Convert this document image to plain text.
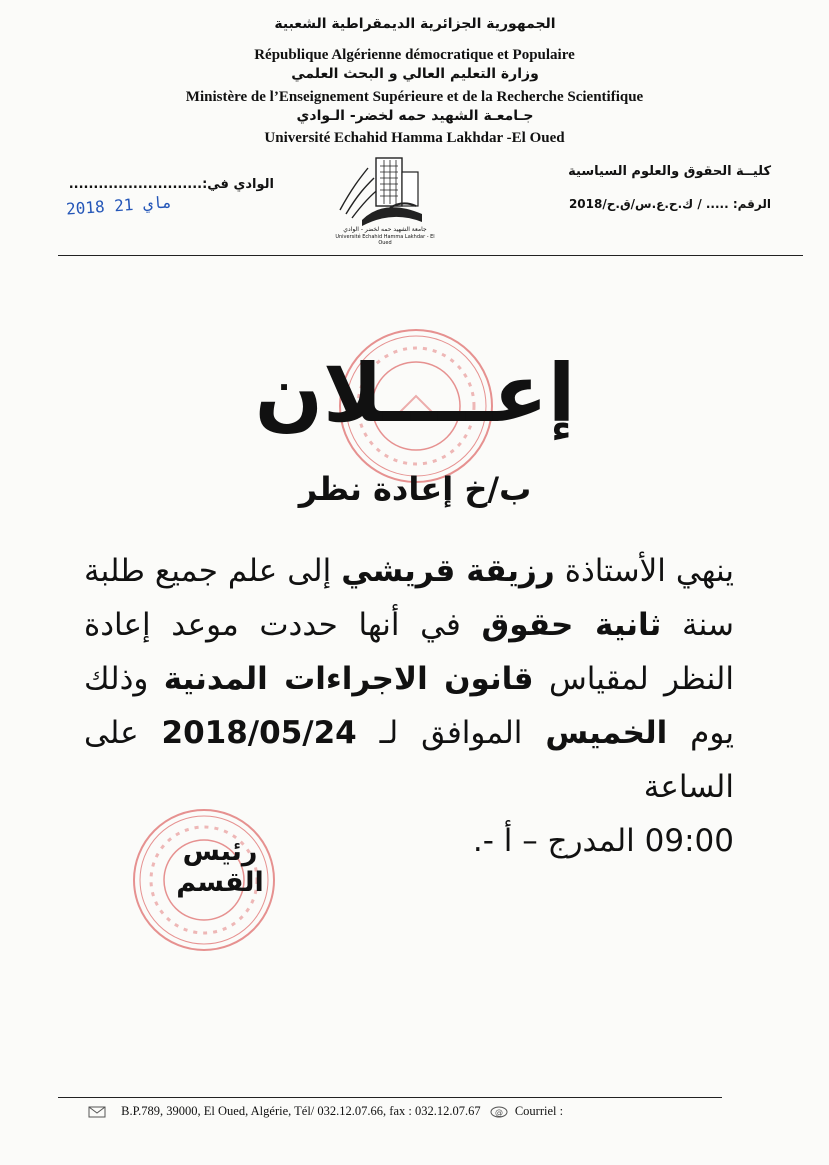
الجمهورية الجزائرية الديمقراطية الشعبية
République Algérienne démocratique et Populaire
وزارة التعليم العالي و البحث العلمي
Ministère de l’Enseignement Supérieure et de la Recherche Scientifique
جـامعـة الشهيد حمه لخضر- الـوادي
Université Echahid Hamma Lakhdar -El Oued
كليــة الحقوق والعلوم السياسية
الرقم: ..... / ك.ح.ع.س/ق.ح/2018
الوادي في:...........................
2018 ماي 21
جامعة الشهيد حمه لخضر - الوادي
Université Echahid Hamma Lakhdar - El Oued
إعــــلان
ب/خ إعادة نظر
ينهي الأستاذة رزيقة قريشي إلى علم جميع طلبة سنة ثانية حقوق في أنها حددت موعد إعادة النظر لمقياس قانون الاجراءات المدنية وذلك يوم الخميس الموافق لـ 2018/05/24 على الساعة
09:00 المدرج – أ -.
رئيس القسم
B.P.789, 39000, El Oued, Algérie, Tél/ 032.12.07.66, fax : 032.12.07.67 @ Courriel :
